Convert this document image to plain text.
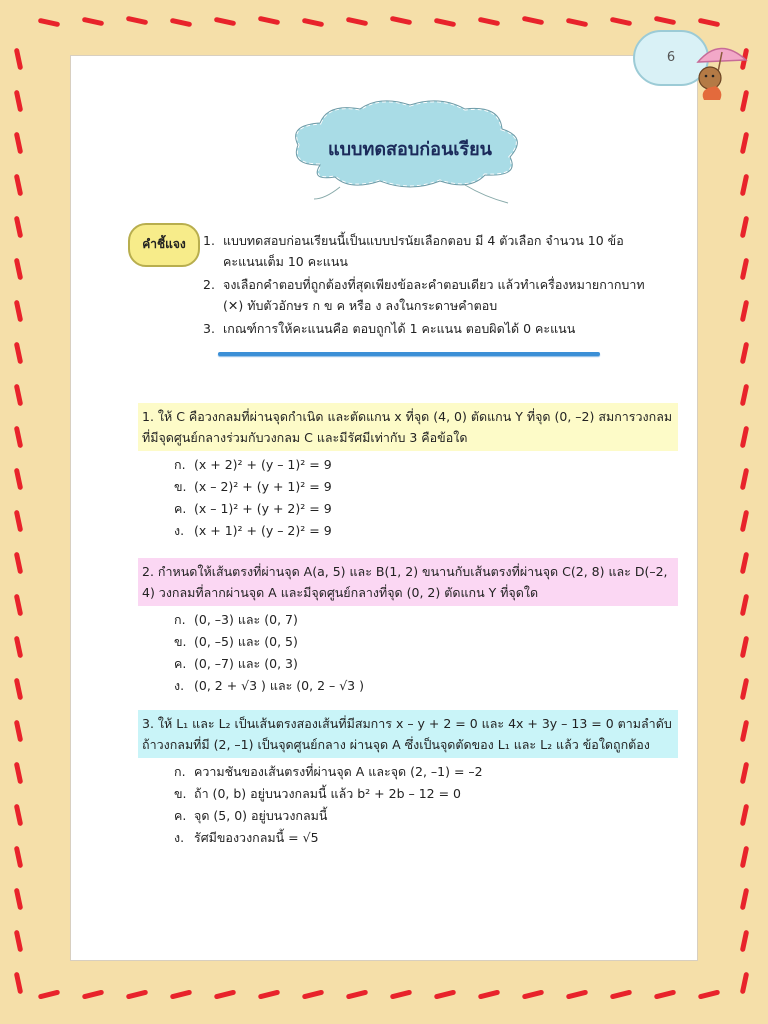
6
แบบทดสอบก่อนเรียน
คำชี้แจง	1. แบบทดสอบก่อนเรียนนี้เป็นแบบปรนัยเลือกตอบ มี 4 ตัวเลือก จำนวน 10 ข้อ คะแนนเต็ม 10 คะแนน
2. จงเลือกคำตอบที่ถูกต้องที่สุดเพียงข้อละคำตอบเดียว แล้วทำเครื่องหมายกากบาท (✕) ทับตัวอักษร ก ข ค หรือ ง ลงในกระดาษคำตอบ
3. เกณฑ์การให้คะแนนคือ ตอบถูกได้ 1 คะแนน ตอบผิดได้ 0 คะแนน
1. ให้ C คือวงกลมที่ผ่านจุดกำเนิด และตัดแกน x ที่จุด (4, 0) ตัดแกน Y ที่จุด (0, –2) สมการวงกลมที่มีจุดศูนย์กลางร่วมกับวงกลม C และมีรัศมีเท่ากับ 3 คือข้อใด
ก. (x + 2)² + (y – 1)² = 9
ข. (x – 2)² + (y + 1)² = 9
ค. (x – 1)² + (y + 2)² = 9
ง. (x + 1)² + (y – 2)² = 9
2. กำหนดให้เส้นตรงที่ผ่านจุด A(a, 5) และ B(1, 2) ขนานกับเส้นตรงที่ผ่านจุด C(2, 8) และ D(–2, 4) วงกลมที่ลากผ่านจุด A และมีจุดศูนย์กลางที่จุด (0, 2) ตัดแกน Y ที่จุดใด
ก. (0, –3) และ (0, 7)
ข. (0, –5) และ (0, 5)
ค. (0, –7) และ (0, 3)
ง. (0, 2 + √3 ) และ (0, 2 – √3 )
3. ให้ L₁ และ L₂ เป็นเส้นตรงสองเส้นที่มีสมการ x – y + 2 = 0 และ 4x + 3y – 13 = 0 ตามลำดับ ถ้าวงกลมที่มี (2, –1) เป็นจุดศูนย์กลาง ผ่านจุด A ซึ่งเป็นจุดตัดของ L₁ และ L₂ แล้ว ข้อใดถูกต้อง
ก. ความชันของเส้นตรงที่ผ่านจุด A และจุด (2, –1) = –2
ข. ถ้า (0, b) อยู่บนวงกลมนี้ แล้ว b² + 2b – 12 = 0
ค. จุด (5, 0) อยู่บนวงกลมนี้
ง. รัศมีของวงกลมนี้ = √5
